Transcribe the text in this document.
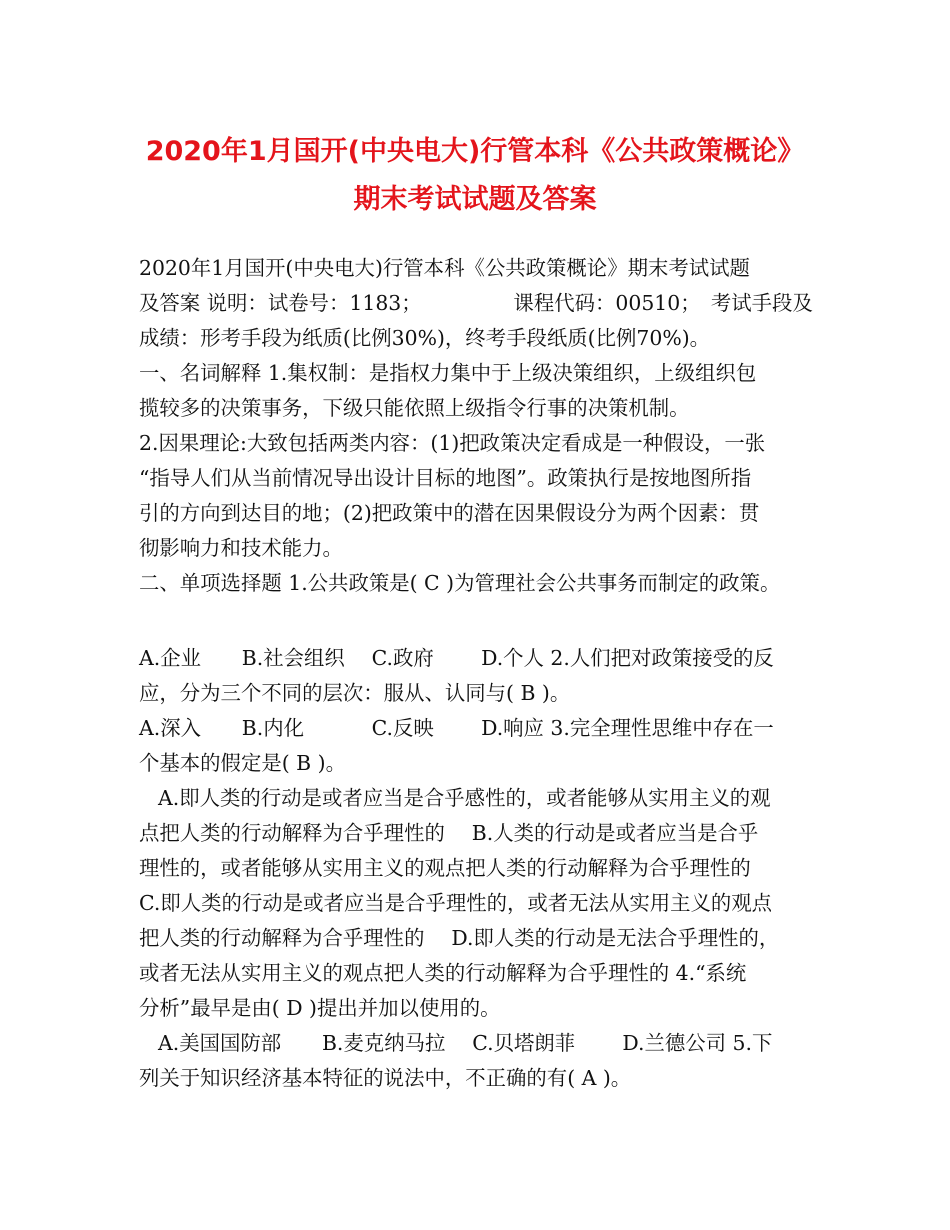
2020年1月国开(中央电大)行管本科《公共政策概论》
期末考试试题及答案
2020年1月国开(中央电大)行管本科《公共政策概论》期末考试试题
及答案 说明：试卷号：1183；　　　　　课程代码：00510；　考试手段及
成绩：形考手段为纸质(比例30%)，终考手段纸质(比例70%)。
一、名词解释 1.集权制：是指权力集中于上级决策组织，上级组织包
揽较多的决策事务，下级只能依照上级指令行事的决策机制。
2.因果理论:大致包括两类内容：(1)把政策决定看成是一种假设，一张
“指导人们从当前情况导出设计目标的地图”。政策执行是按地图所指
引的方向到达目的地；(2)把政策中的潜在因果假设分为两个因素：贯
彻影响力和技术能力。
二、单项选择题 1.公共政策是( C )为管理社会公共事务而制定的政策。
A.企业　　B.社会组织　 C.政府　　 D.个人 2.人们把对政策接受的反
应，分为三个不同的层次：服从、认同与( B )。
A.深入　　B.内化　　　 C.反映　　 D.响应 3.完全理性思维中存在一
个基本的假定是( B )。
A.即人类的行动是或者应当是合乎感性的，或者能够从实用主义的观
点把人类的行动解释为合乎理性的　 B.人类的行动是或者应当是合乎
理性的，或者能够从实用主义的观点把人类的行动解释为合乎理性的
C.即人类的行动是或者应当是合乎理性的，或者无法从实用主义的观点
把人类的行动解释为合乎理性的　 D.即人类的行动是无法合乎理性的，
或者无法从实用主义的观点把人类的行动解释为合乎理性的 4.“系统
分析”最早是由( D )提出并加以使用的。
A.美国国防部　　B.麦克纳马拉　 C.贝塔朗菲　　 D.兰德公司 5.下
列关于知识经济基本特征的说法中，不正确的有( A )。
